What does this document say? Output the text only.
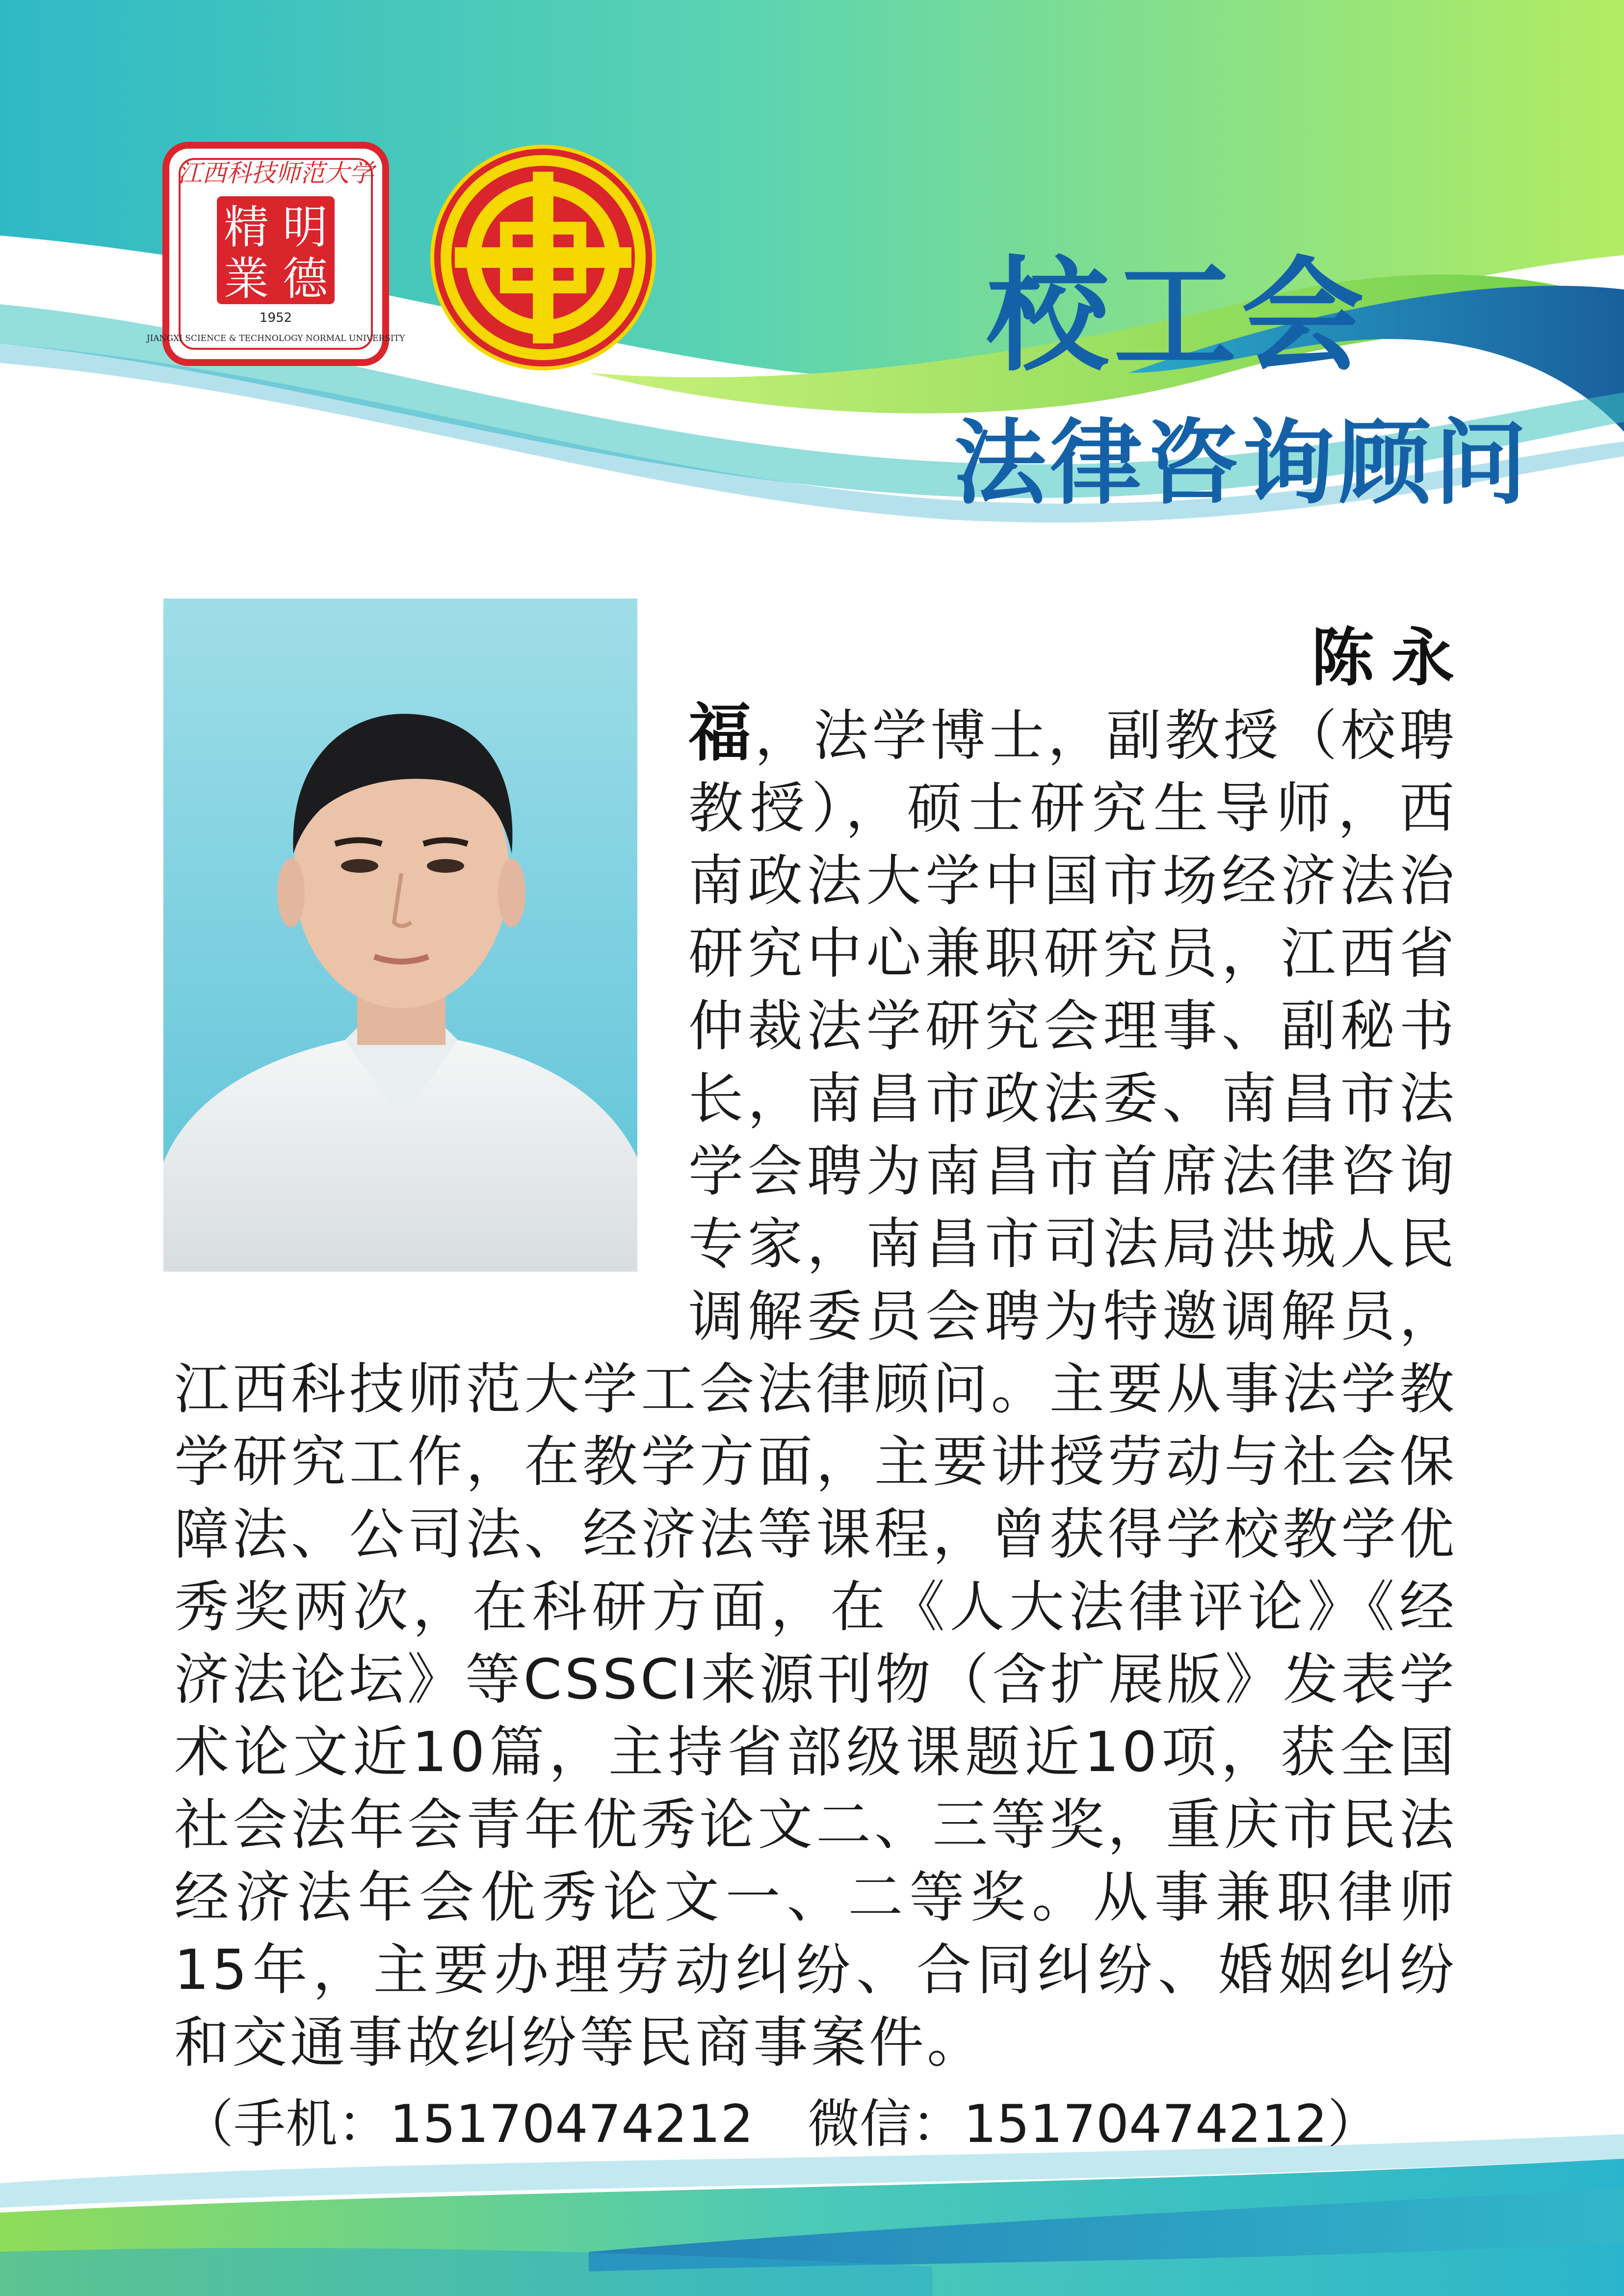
精 明
業 德
江西科技师范大学
1952
JIANGXI SCIENCE & TECHNOLOGY NORMAL UNIVERSITY	校工会
法律咨询顾问
陈永福，法学博士，副教授（校聘教授），硕士研究生导师，西南政法大学中国市场经济法治研究中心兼职研究员，江西省仲裁法学研究会理事、副秘书长，南昌市政法委、南昌市法学会聘为南昌市首席法律咨询专家，南昌市司法局洪城人民调解委员会聘为特邀调解员，江西科技师范大学工会法律顾问。主要从事法学教学研究工作，在教学方面，主要讲授劳动与社会保障法、公司法、经济法等课程，曾获得学校教学优秀奖两次，在科研方面，在《人大法律评论》《经济法论坛》等CSSCI来源刊物（含扩展版》发表学术论文近10篇，主持省部级课题近10项，获全国社会法年会青年优秀论文二、三等奖，重庆市民法经济法年会优秀论文一、二等奖。从事兼职律师15年，主要办理劳动纠纷、合同纠纷、婚姻纠纷和交通事故纠纷等民商事案件。
（手机：15170474212 微信：15170474212）
